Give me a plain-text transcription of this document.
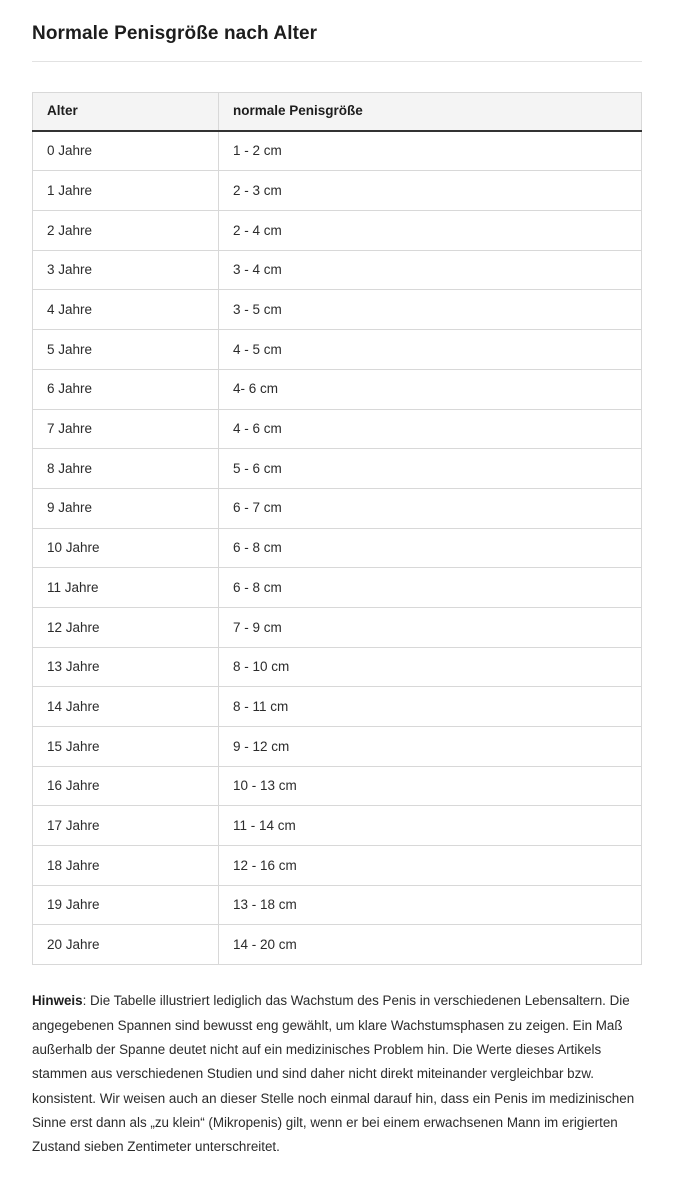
Normale Penisgröße nach Alter
Alter	normale Penisgröße
0 Jahre	1 - 2 cm
1 Jahre	2 - 3 cm
2 Jahre	2 - 4 cm
3 Jahre	3 - 4 cm
4 Jahre	3 - 5 cm
5 Jahre	4 - 5 cm
6 Jahre	4- 6 cm
7 Jahre	4 - 6 cm
8 Jahre	5 - 6 cm
9 Jahre	6 - 7 cm
10 Jahre	6 - 8 cm
11 Jahre	6 - 8 cm
12 Jahre	7 - 9 cm
13 Jahre	8 - 10 cm
14 Jahre	8 - 11 cm
15 Jahre	9 - 12 cm
16 Jahre	10 - 13 cm
17 Jahre	11 - 14 cm
18 Jahre	12 - 16 cm
19 Jahre	13 - 18 cm
20 Jahre	14 - 20 cm

Hinweis: Die Tabelle illustriert lediglich das Wachstum des Penis in verschiedenen Lebensaltern. Die angegebenen Spannen sind bewusst eng gewählt, um klare Wachstumsphasen zu zeigen. Ein Maß außerhalb der Spanne deutet nicht auf ein medizinisches Problem hin. Die Werte dieses Artikels stammen aus verschiedenen Studien und sind daher nicht direkt miteinander vergleichbar bzw. konsistent. Wir weisen auch an dieser Stelle noch einmal darauf hin, dass ein Penis im medizinischen Sinne erst dann als „zu klein“ (Mikropenis) gilt, wenn er bei einem erwachsenen Mann im erigierten Zustand sieben Zentimeter unterschreitet.
